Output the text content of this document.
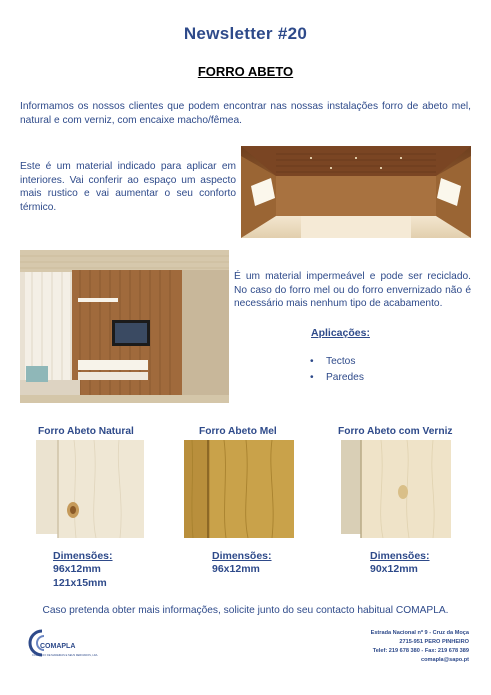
Newsletter #20
FORRO ABETO
Informamos os nossos clientes que podem encontrar nas nossas instalações forro de abeto mel, natural e com verniz, com encaixe macho/fêmea.
Este é um material indicado para aplicar em interiores. Vai conferir ao espaço um aspecto mais rustico e vai aumentar o seu conforto térmico.
É um material impermeável e pode ser reciclado. No caso do forro mel ou do forro envernizado não é necessário mais nenhum tipo de acabamento.
Aplicações:
• Tectos
• Paredes
Forro Abeto Natural	Forro Abeto Mel	Forro Abeto com Verniz
Dimensões:
96x12mm
121x15mm
Dimensões:
96x12mm
Dimensões:
90x12mm
Caso pretenda obter mais informações, solicite junto do seu contacto habitual COMAPLA.
COMAPLA
COMÉRCIO DE MADEIRAS E SEUS DERIVADOS, LDA.
Estrada Nacional nº 9 - Cruz da Moça
2715-951 PERO PINHEIRO
Telef: 219 678 380 - Fax: 219 678 389
comapla@sapo.pt
